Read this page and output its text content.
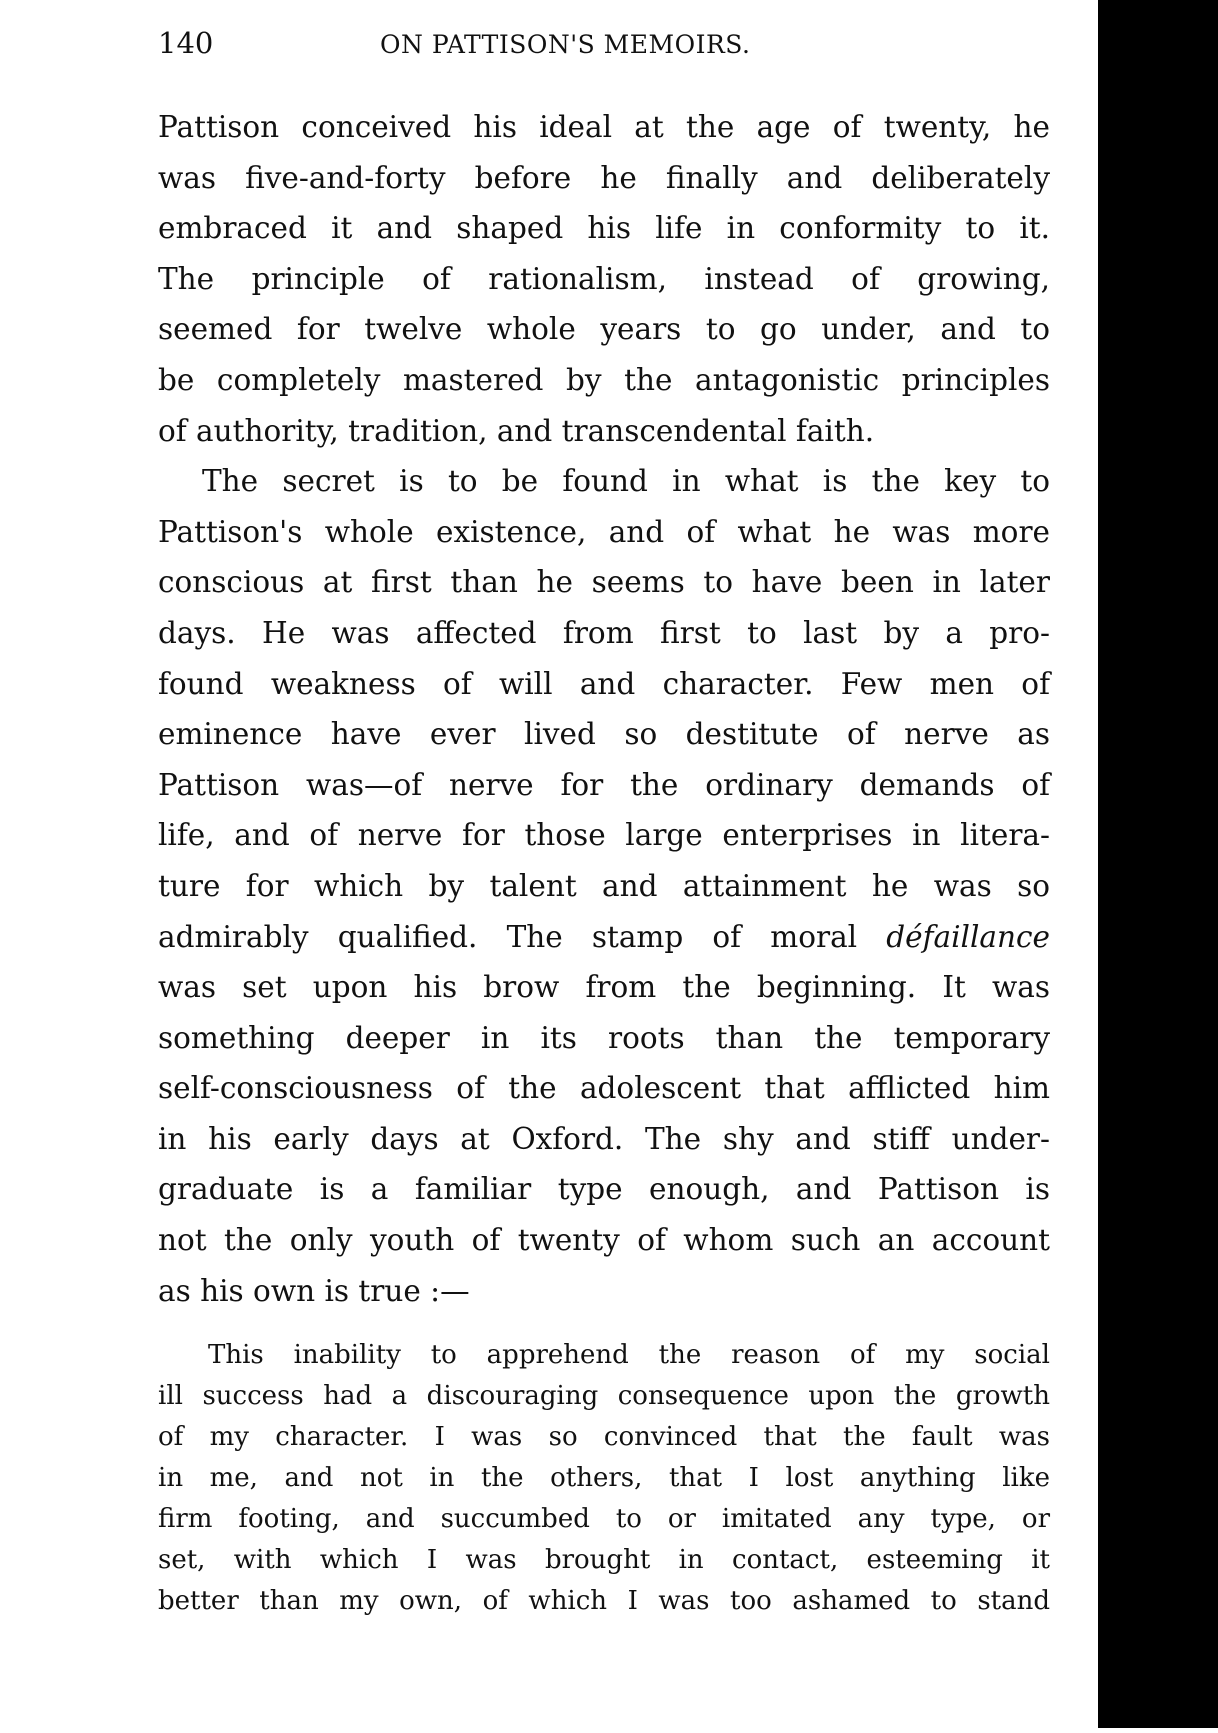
140	ON PATTISON'S MEMOIRS.
Pattison conceived his ideal at the age of twenty, he
was five-and-forty before he finally and deliberately
embraced it and shaped his life in conformity to it.
The principle of rationalism, instead of growing,
seemed for twelve whole years to go under, and to
be completely mastered by the antagonistic principles
of authority, tradition, and transcendental faith.
The secret is to be found in what is the key to
Pattison's whole existence, and of what he was more
conscious at first than he seems to have been in later
days. He was affected from first to last by a pro-
found weakness of will and character. Few men of
eminence have ever lived so destitute of nerve as
Pattison was—of nerve for the ordinary demands of
life, and of nerve for those large enterprises in litera-
ture for which by talent and attainment he was so
admirably qualified. The stamp of moral défaillance
was set upon his brow from the beginning. It was
something deeper in its roots than the temporary
self-consciousness of the adolescent that afflicted him
in his early days at Oxford. The shy and stiff under-
graduate is a familiar type enough, and Pattison is
not the only youth of twenty of whom such an account
as his own is true :—
This inability to apprehend the reason of my social
ill success had a discouraging consequence upon the growth
of my character. I was so convinced that the fault was
in me, and not in the others, that I lost anything like
firm footing, and succumbed to or imitated any type, or
set, with which I was brought in contact, esteeming it
better than my own, of which I was too ashamed to stand
